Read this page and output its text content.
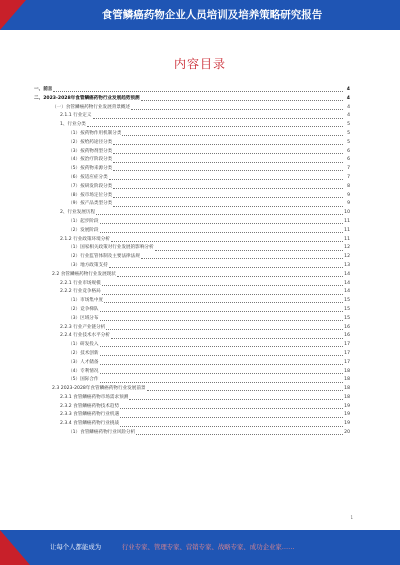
食管鳞癌药物企业人员培训及培养策略研究报告
内容目录
一、前言	4
二、2023-2028年食管鳞癌药物行业发展趋势预测	4
（一）食管鳞癌药物行业发展背景概述	4
2.1.1 行业定义	4
1、行业分类	5
（1）按药物作用机制分类	5
（2）按给药途径分类	5
（3）按药物剂型分类	6
（4）按治疗阶段分类	6
（5）按药物来源分类	7
（6）按适应症分类	7
（7）按研发阶段分类	8
（8）按市场定位分类	9
（9）按产品类型分类	9
2、行业发展历程	10
（1）起步阶段	11
（2）发展阶段	11
2.1.2 行业政策环境分析	11
（1）国家相关政策对行业发展的影响分析	12
（2）行业监管体制及主要法律法规	12
（3）地方政策支持	13
2.2 食管鳞癌药物行业发展现状	14
2.2.1 行业市场规模	14
2.2.2 行业竞争格局	14
（1）市场集中度	15
（2）竞争梯队	15
（3）区域分布	15
2.2.3 行业产业链分析	16
2.2.4 行业技术水平分析	16
（1）研发投入	17
（2）技术创新	17
（3）人才储备	17
（4）专利情况	18
（5）国际合作	18
2.3 2023-2028年食管鳞癌药物行业发展前景	18
2.3.1 食管鳞癌药物市场需求预测	18
2.3.2 食管鳞癌药物技术趋势	19
2.3.3 食管鳞癌药物行业机遇	19
2.3.4 食管鳞癌药物行业挑战	19
（1）食管鳞癌药物行业风险分析	20
1
让每个人都能成为	行业专家、管理专家、营销专家、战略专家、成功企业家……
